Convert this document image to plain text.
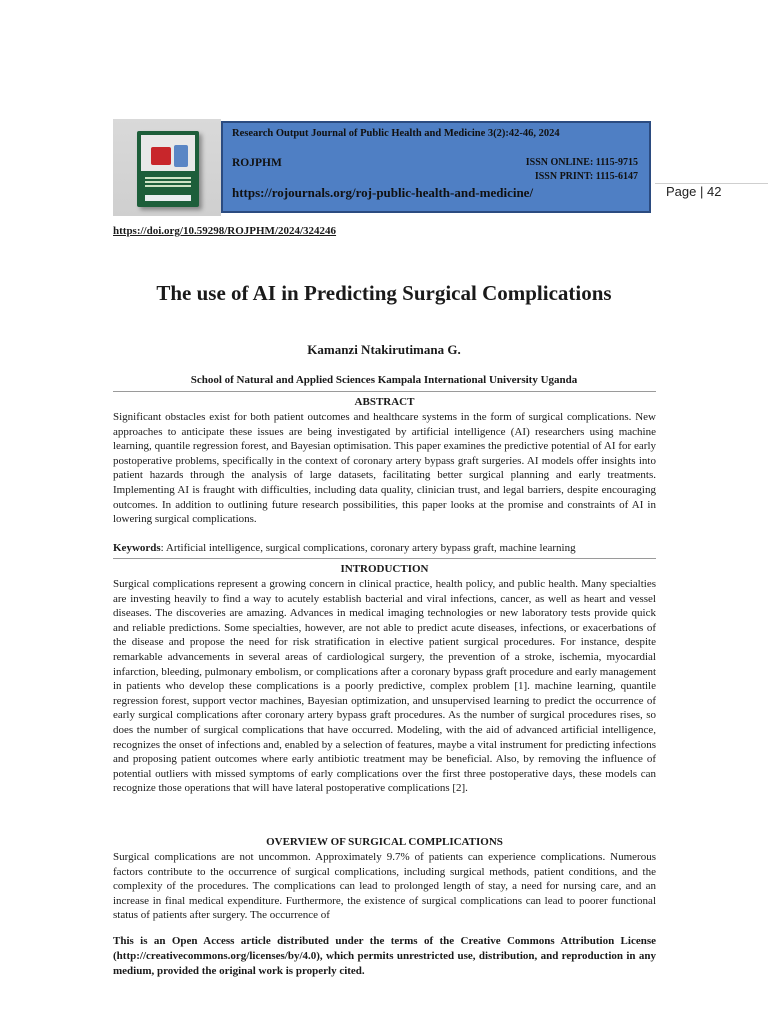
Research Output Journal of Public Health and Medicine 3(2):42-46, 2024
ROJPHM	ISSN ONLINE: 1115-9715
ISSN PRINT: 1115-6147
https://rojournals.org/roj-public-health-and-medicine/	Page | 42
https://doi.org/10.59298/ROJPHM/2024/324246
The use of AI in Predicting Surgical Complications
Kamanzi Ntakirutimana G.
School of Natural and Applied Sciences Kampala International University Uganda
ABSTRACT

Significant obstacles exist for both patient outcomes and healthcare systems in the form of surgical complications. New approaches to anticipate these issues are being investigated by artificial intelligence (AI) researchers using machine learning, quantile regression forest, and Bayesian optimisation. This paper examines the predictive potential of AI for early postoperative problems, specifically in the context of coronary artery bypass graft surgeries. AI models offer insights into patient hazards through the analysis of large datasets, facilitating better surgical planning and early treatments. Implementing AI is fraught with difficulties, including data quality, clinician trust, and legal barriers, despite encouraging outcomes. In addition to outlining future research possibilities, this paper looks at the promise and constraints of AI in lowering surgical complications.

Keywords: Artificial intelligence, surgical complications, coronary artery bypass graft, machine learning
INTRODUCTION

Surgical complications represent a growing concern in clinical practice, health policy, and public health. Many specialties are investing heavily to find a way to acutely establish bacterial and viral infections, cancer, as well as heart and vessel diseases. The discoveries are amazing. Advances in medical imaging technologies or new laboratory tests provide quick and reliable predictions. Some specialties, however, are not able to predict acute diseases, infections, or exacerbations of the disease and propose the need for risk stratification in elective patient surgical procedures. For instance, despite remarkable advancements in several areas of cardiological surgery, the prevention of a stroke, ischemia, myocardial infarction, bleeding, pulmonary embolism, or complications after a coronary bypass graft procedure and early management in patients who develop these complications is a poorly predictive, complex problem [1]. machine learning, quantile regression forest, support vector machines, Bayesian optimization, and unsupervised learning to predict the occurrence of early surgical complications after coronary artery bypass graft procedures. As the number of surgical procedures rises, so does the number of surgical complications that have occurred. Modeling, with the aid of advanced artificial intelligence, recognizes the onset of infections and, enabled by a selection of features, maybe a vital instrument for predicting infections and proposing patient outcomes where early antibiotic treatment may be beneficial. Also, by removing the influence of potential outliers with missed symptoms of early complications over the first three postoperative days, these models can recognize those operations that will have lateral postoperative complications [2].

OVERVIEW OF SURGICAL COMPLICATIONS

Surgical complications are not uncommon. Approximately 9.7% of patients can experience complications. Numerous factors contribute to the occurrence of surgical complications, including surgical methods, patient conditions, and the complexity of the procedures. The complications can lead to prolonged length of stay, a need for nursing care, and an increase in final medical expenditure. Furthermore, the existence of surgical complications can lead to poorer functional status of patients after surgery. The occurrence of

This is an Open Access article distributed under the terms of the Creative Commons Attribution License (http://creativecommons.org/licenses/by/4.0), which permits unrestricted use, distribution, and reproduction in any medium, provided the original work is properly cited.
